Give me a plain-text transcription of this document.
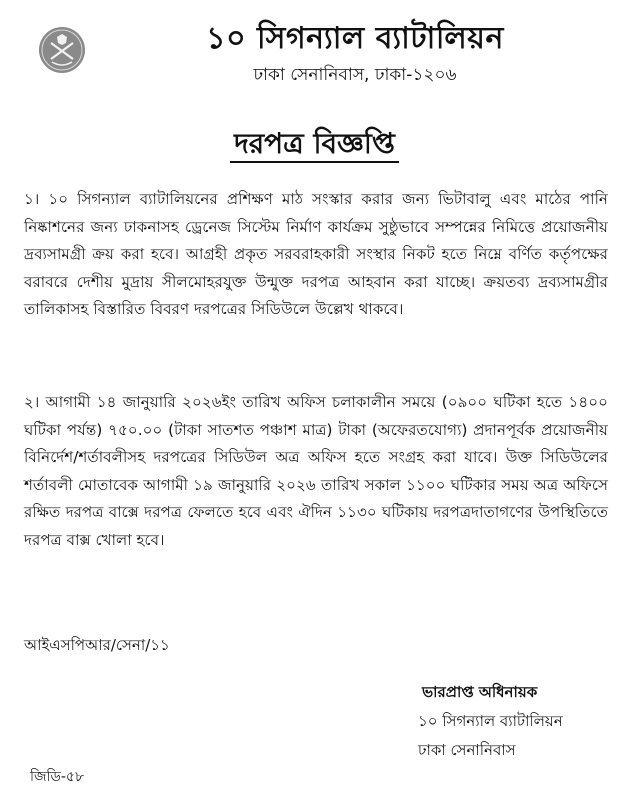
১০ সিগন্যাল ব্যাটালিয়ন
ঢাকা সেনানিবাস, ঢাকা-১২০৬
দরপত্র বিজ্ঞপ্তি
১। ১০ সিগন্যাল ব্যাটালিয়নের প্রশিক্ষণ মাঠ সংস্কার করার জন্য ভিটাবালু এবং মাঠের পানি নিষ্কাশনের জন্য ঢাকনাসহ ড্রেনেজ সিস্টেম নির্মাণ কার্যক্রম সুষ্ঠুভাবে সম্পন্নের নিমিত্তে প্রয়োজনীয় দ্রব্যসামগ্রী ক্রয় করা হবে। আগ্রহী প্রকৃত সরবরাহকারী সংস্থার নিকট হতে নিম্নে বর্ণিত কর্তৃপক্ষের বরাবরে দেশীয় মুদ্রায় সীলমোহরযুক্ত উন্মুক্ত দরপত্র আহবান করা যাচ্ছে। ক্রয়তব্য দ্রব্যসামগ্রীর তালিকাসহ বিস্তারিত বিবরণ দরপত্রের সিডিউলে উল্লেখ থাকবে।
২। আগামী ১৪ জানুয়ারি ২০২৬ইং তারিখ অফিস চলাকালীন সময়ে (০৯০০ ঘটিকা হতে ১৪০০ ঘটিকা পর্যন্ত) ৭৫০.০০ (টাকা সাতশত পঞ্চাশ মাত্র) টাকা (অফেরতযোগ্য) প্রদানপূর্বক প্রয়োজনীয় বিনির্দেশ/শর্তাবলীসহ দরপত্রের সিডিউল অত্র অফিস হতে সংগ্রহ করা যাবে। উক্ত সিডিউলের শর্তাবলী মোতাবেক আগামী ১৯ জানুয়ারি ২০২৬ তারিখ সকাল ১১০০ ঘটিকার সময় অত্র অফিসে রক্ষিত দরপত্র বাক্সে দরপত্র ফেলতে হবে এবং ঐদিন ১১৩০ ঘটিকায় দরপত্রদাতাগণের উপস্থিতিতে দরপত্র বাক্স খোলা হবে।
আইএসপিআর/সেনা/১১
ভারপ্রাপ্ত অধিনায়ক
১০ সিগন্যাল ব্যাটালিয়ন
ঢাকা সেনানিবাস
জিডি-৫৮
